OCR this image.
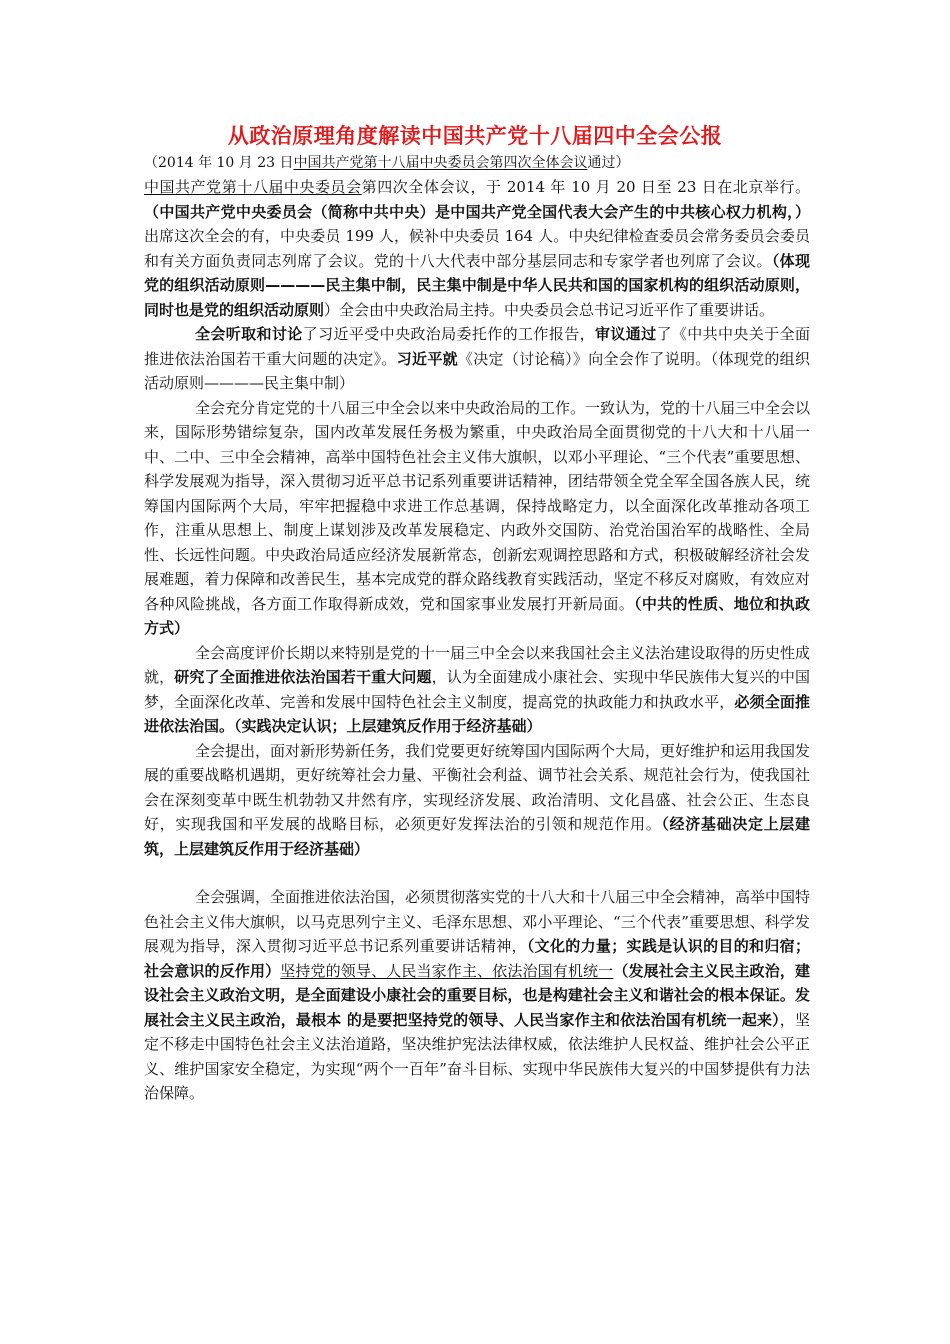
从政治原理角度解读中国共产党十八届四中全会公报
（2014 年 10 月 23 日中国共产党第十八届中央委员会第四次全体会议通过）

中国共产党第十八届中央委员会第四次全体会议，于 2014 年 10 月 20 日至 23 日在北京举行。（中国共产党中央委员会（简称中共中央）是中国共产党全国代表大会产生的中共核心权力机构，）出席这次全会的有，中央委员 199 人，候补中央委员 164 人。中央纪律检查委员会常务委员会委员和有关方面负责同志列席了会议。党的十八大代表中部分基层同志和专家学者也列席了会议。（体现党的组织活动原则————民主集中制，民主集中制是中华人民共和国的国家机构的组织活动原则，同时也是党的组织活动原则）全会由中央政治局主持。中央委员会总书记习近平作了重要讲话。

全会听取和讨论了习近平受中央政治局委托作的工作报告，审议通过了《中共中央关于全面推进依法治国若干重大问题的决定》。习近平就《决定（讨论稿）》向全会作了说明。（体现党的组织活动原则————民主集中制）

全会充分肯定党的十八届三中全会以来中央政治局的工作。一致认为，党的十八届三中全会以来，国际形势错综复杂，国内改革发展任务极为繁重，中央政治局全面贯彻党的十八大和十八届一中、二中、三中全会精神，高举中国特色社会主义伟大旗帜，以邓小平理论、“三个代表”重要思想、科学发展观为指导，深入贯彻习近平总书记系列重要讲话精神，团结带领全党全军全国各族人民，统筹国内国际两个大局，牢牢把握稳中求进工作总基调，保持战略定力，以全面深化改革推动各项工作，注重从思想上、制度上谋划涉及改革发展稳定、内政外交国防、治党治国治军的战略性、全局性、长远性问题。中央政治局适应经济发展新常态，创新宏观调控思路和方式，积极破解经济社会发展难题，着力保障和改善民生，基本完成党的群众路线教育实践活动，坚定不移反对腐败，有效应对各种风险挑战，各方面工作取得新成效，党和国家事业发展打开新局面。（中共的性质、地位和执政方式）

全会高度评价长期以来特别是党的十一届三中全会以来我国社会主义法治建设取得的历史性成就，研究了全面推进依法治国若干重大问题，认为全面建成小康社会、实现中华民族伟大复兴的中国梦，全面深化改革、完善和发展中国特色社会主义制度，提高党的执政能力和执政水平，必须全面推进依法治国。（实践决定认识；上层建筑反作用于经济基础）

全会提出，面对新形势新任务，我们党要更好统筹国内国际两个大局，更好维护和运用我国发展的重要战略机遇期，更好统筹社会力量、平衡社会利益、调节社会关系、规范社会行为，使我国社会在深刻变革中既生机勃勃又井然有序，实现经济发展、政治清明、文化昌盛、社会公正、生态良好，实现我国和平发展的战略目标，必须更好发挥法治的引领和规范作用。（经济基础决定上层建筑，上层建筑反作用于经济基础）

全会强调，全面推进依法治国，必须贯彻落实党的十八大和十八届三中全会精神，高举中国特色社会主义伟大旗帜，以马克思列宁主义、毛泽东思想、邓小平理论、“三个代表”重要思想、科学发展观为指导，深入贯彻习近平总书记系列重要讲话精神，（文化的力量；实践是认识的目的和归宿；社会意识的反作用）坚持党的领导、人民当家作主、依法治国有机统一（发展社会主义民主政治，建设社会主义政治文明，是全面建设小康社会的重要目标，也是构建社会主义和谐社会的根本保证。发展社会主义民主政治，最根本 的是要把坚持党的领导、人民当家作主和依法治国有机统一起来），坚定不移走中国特色社会主义法治道路，坚决维护宪法法律权威，依法维护人民权益、维护社会公平正义、维护国家安全稳定，为实现“两个一百年”奋斗目标、实现中华民族伟大复兴的中国梦提供有力法治保障。
